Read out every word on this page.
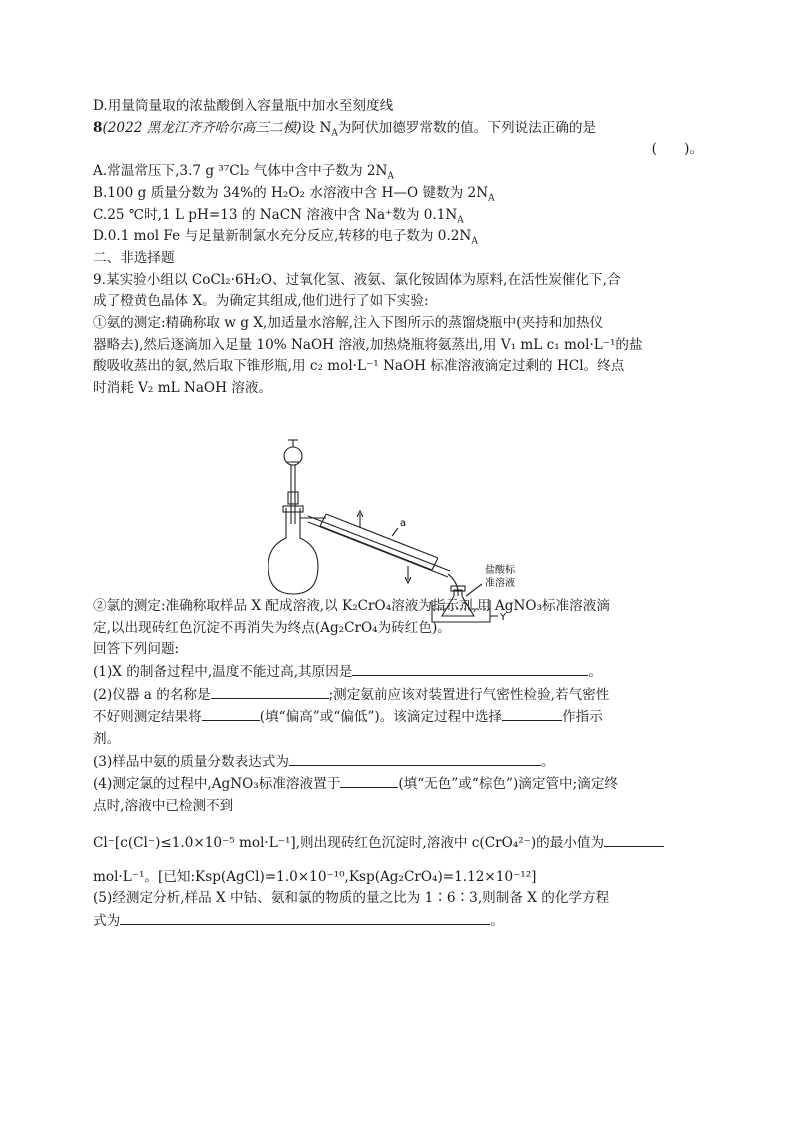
D.用量筒量取的浓盐酸倒入容量瓶中加水至刻度线
8(2022 黑龙江齐齐哈尔高三二模)设 $N_A$为阿伏加德罗常数的值。下列说法正确的是
(　　)。
A.常温常压下,3.7 g ³⁷Cl₂ 气体中含中子数为 $2N_A$
B.100 g 质量分数为 34%的 H₂O₂ 水溶液中含 H—O 键数为 $2N_A$
C.25 ℃时,1 L pH=13 的 NaCN 溶液中含 Na⁺数为 $0.1N_A$
D.0.1 mol Fe 与足量新制氯水充分反应,转移的电子数为 $0.2N_A$
二、非选择题
9.某实验小组以 CoCl₂·6H₂O、过氧化氢、液氨、氯化铵固体为原料,在活性炭催化下,合
成了橙黄色晶体 X。为确定其组成,他们进行了如下实验:
①氨的测定:精确称取 w g X,加适量水溶解,注入下图所示的蒸馏烧瓶中(夹持和加热仪
器略去),然后逐滴加入足量 10% NaOH 溶液,加热烧瓶将氨蒸出,用 V₁ mL c₁ mol·L⁻¹的盐
酸吸收蒸出的氨,然后取下锥形瓶,用 c₂ mol·L⁻¹ NaOH 标准溶液滴定过剩的 HCl。终点
时消耗 V₂ mL NaOH 溶液。
②氯的测定:准确称取样品 X 配成溶液,以 K₂CrO₄溶液为指示剂,用 AgNO₃标准溶液滴
定,以出现砖红色沉淀不再消失为终点(Ag₂CrO₄为砖红色)。
回答下列问题:
(1)X 的制备过程中,温度不能过高,其原因是	。
(2)仪器 a 的名称是	;测定氨前应该对装置进行气密性检验,若气密性
不好则测定结果将	(填“偏高”或“偏低”)。该滴定过程中选择	作指示
剂。
(3)样品中氨的质量分数表达式为	。
(4)测定氯的过程中,AgNO₃标准溶液置于	(填“无色”或“棕色”)滴定管中;滴定终
点时,溶液中已检测不到
Cl⁻[c(Cl⁻)≤1.0×10⁻⁵ mol·L⁻¹],则出现砖红色沉淀时,溶液中 c(CrO₄²⁻)的最小值为
mol·L⁻¹。[已知:Ksp(AgCl)=1.0×10⁻¹⁰,Ksp(Ag₂CrO₄)=1.12×10⁻¹²]
(5)经测定分析,样品 X 中钴、氨和氯的物质的量之比为 1∶6∶3,则制备 X 的化学方程
式为	。
a
盐酸标
准溶液
Y
